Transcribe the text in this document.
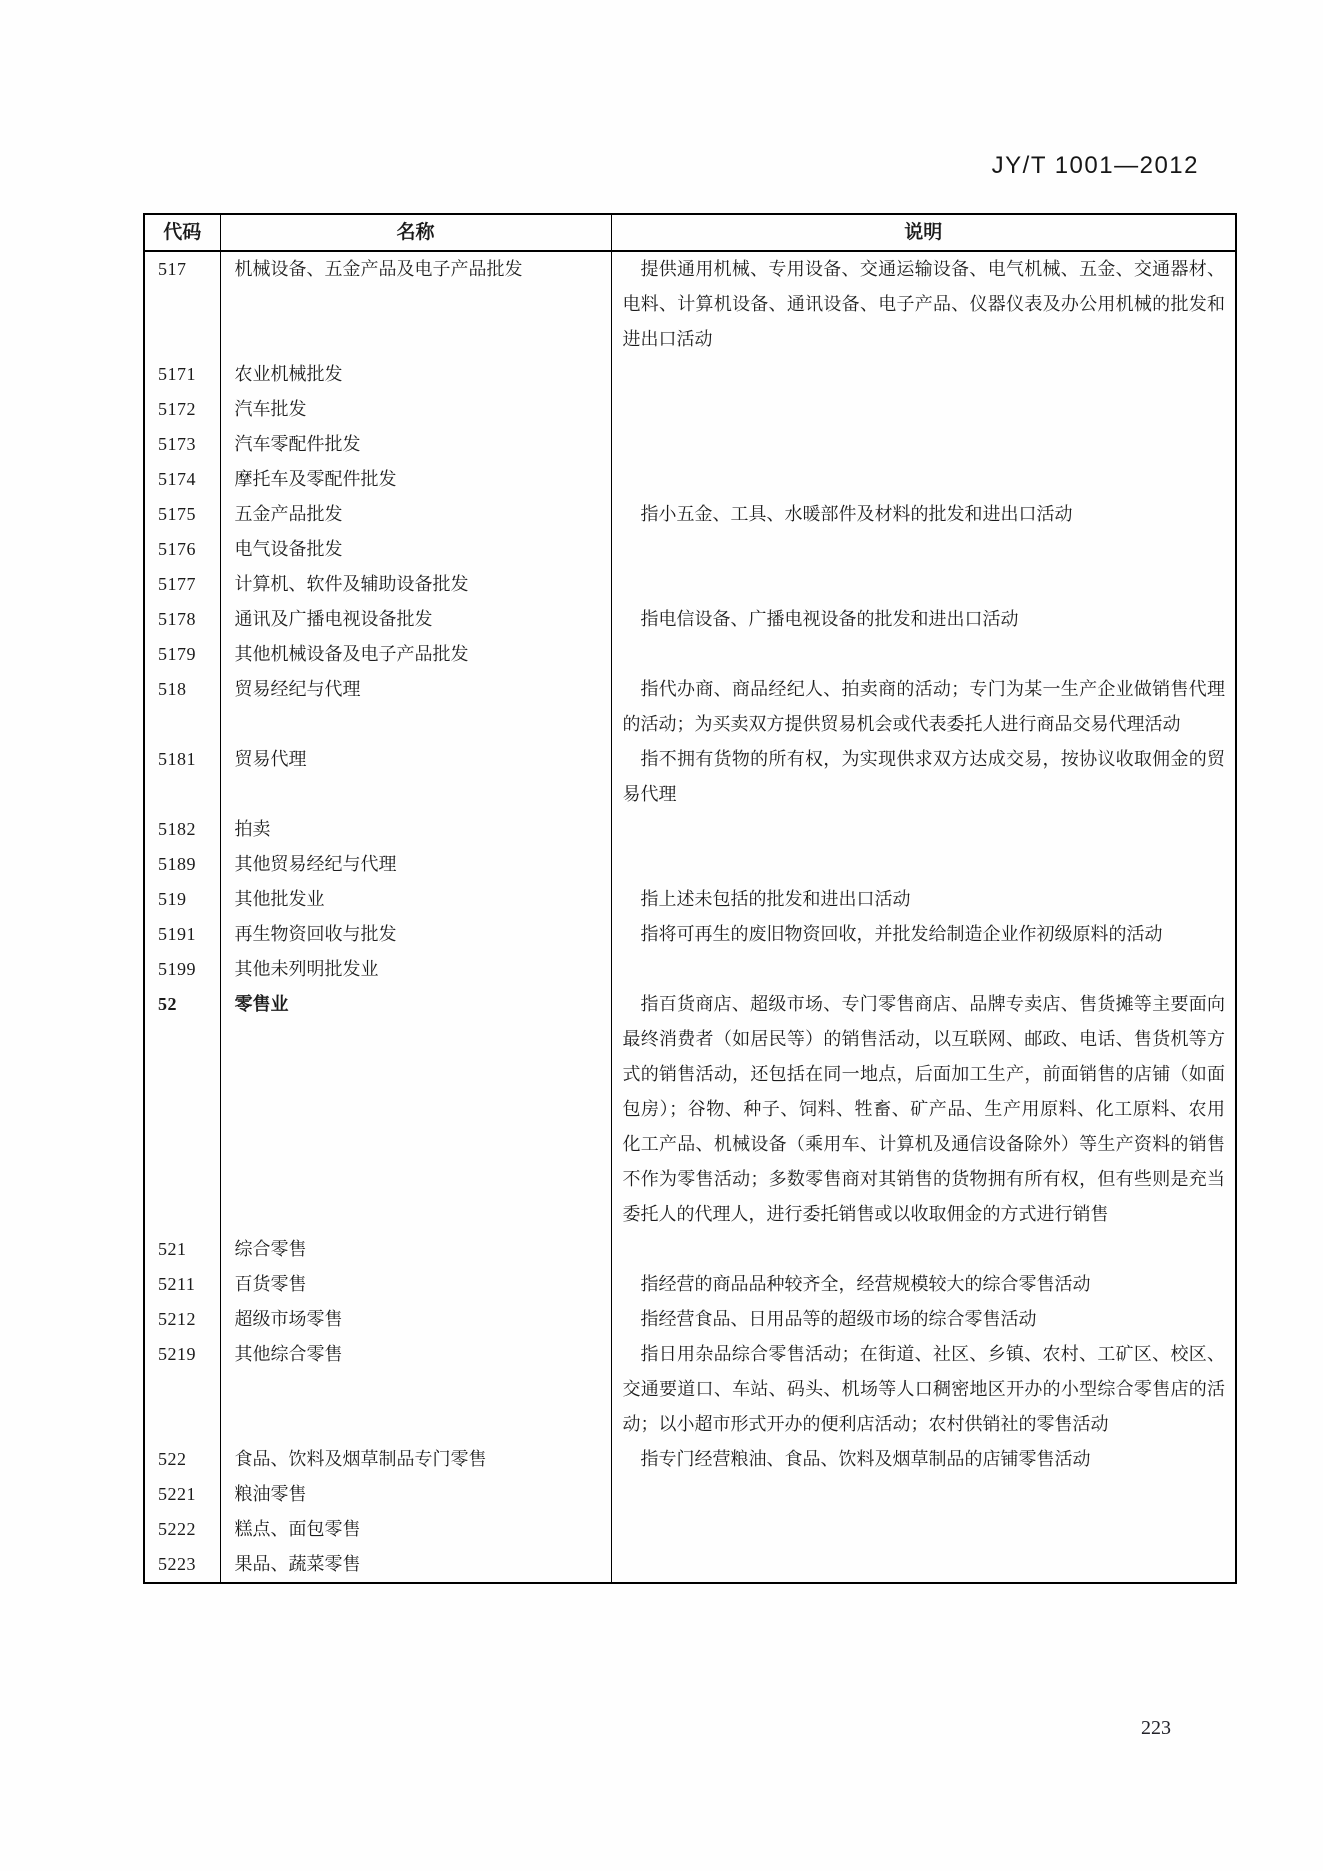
JY/T 1001—2012
代码	名称	说明
517	机械设备、五金产品及电子产品批发	提供通用机械、专用设备、交通运输设备、电气机械、五金、交通器材、电料、计算机设备、通讯设备、电子产品、仪器仪表及办公用机械的批发和进出口活动

5171	农业机械批发	

5172	汽车批发	

5173	汽车零配件批发	

5174	摩托车及零配件批发	

5175	五金产品批发	指小五金、工具、水暖部件及材料的批发和进出口活动

5176	电气设备批发	

5177	计算机、软件及辅助设备批发	

5178	通讯及广播电视设备批发	指电信设备、广播电视设备的批发和进出口活动

5179	其他机械设备及电子产品批发	

518	贸易经纪与代理	指代办商、商品经纪人、拍卖商的活动；专门为某一生产企业做销售代理的活动；为买卖双方提供贸易机会或代表委托人进行商品交易代理活动

5181	贸易代理	指不拥有货物的所有权，为实现供求双方达成交易，按协议收取佣金的贸易代理

5182	拍卖	

5189	其他贸易经纪与代理	

519	其他批发业	指上述未包括的批发和进出口活动

5191	再生物资回收与批发	指将可再生的废旧物资回收，并批发给制造企业作初级原料的活动

5199	其他未列明批发业	

52	零售业	指百货商店、超级市场、专门零售商店、品牌专卖店、售货摊等主要面向最终消费者（如居民等）的销售活动，以互联网、邮政、电话、售货机等方式的销售活动，还包括在同一地点，后面加工生产，前面销售的店铺（如面包房）；谷物、种子、饲料、牲畜、矿产品、生产用原料、化工原料、农用化工产品、机械设备（乘用车、计算机及通信设备除外）等生产资料的销售不作为零售活动；多数零售商对其销售的货物拥有所有权，但有些则是充当委托人的代理人，进行委托销售或以收取佣金的方式进行销售

521	综合零售	

5211	百货零售	指经营的商品品种较齐全，经营规模较大的综合零售活动

5212	超级市场零售	指经营食品、日用品等的超级市场的综合零售活动

5219	其他综合零售	指日用杂品综合零售活动；在街道、社区、乡镇、农村、工矿区、校区、交通要道口、车站、码头、机场等人口稠密地区开办的小型综合零售店的活动；以小超市形式开办的便利店活动；农村供销社的零售活动

522	食品、饮料及烟草制品专门零售	指专门经营粮油、食品、饮料及烟草制品的店铺零售活动

5221	粮油零售	

5222	糕点、面包零售	

5223	果品、蔬菜零售	

223
